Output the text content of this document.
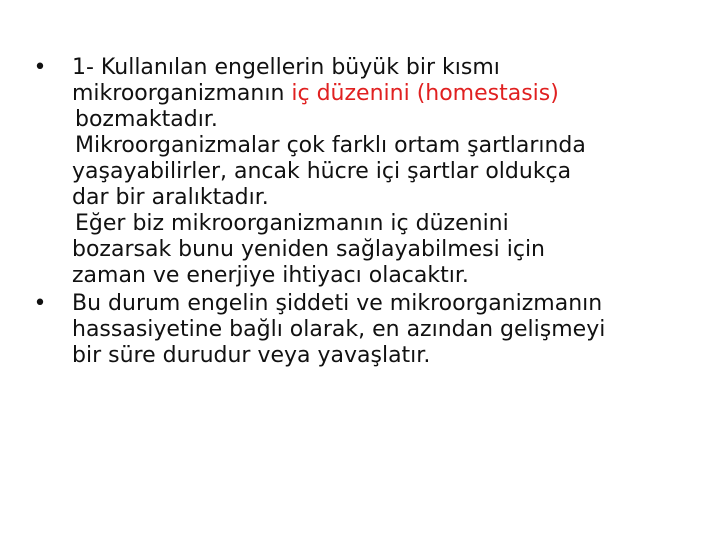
• 1- Kullanılan engellerin büyük bir kısmı
mikroorganizmanın iç düzenini (homestasis)
bozmaktadır.
Mikroorganizmalar çok farklı ortam şartlarında
yaşayabilirler, ancak hücre içi şartlar oldukça
dar bir aralıktadır.
Eğer biz mikroorganizmanın iç düzenini
bozarsak bunu yeniden sağlayabilmesi için
zaman ve enerjiye ihtiyacı olacaktır.
• Bu durum engelin şiddeti ve mikroorganizmanın
hassasiyetine bağlı olarak, en azından gelişmeyi
bir süre durudur veya yavaşlatır.
